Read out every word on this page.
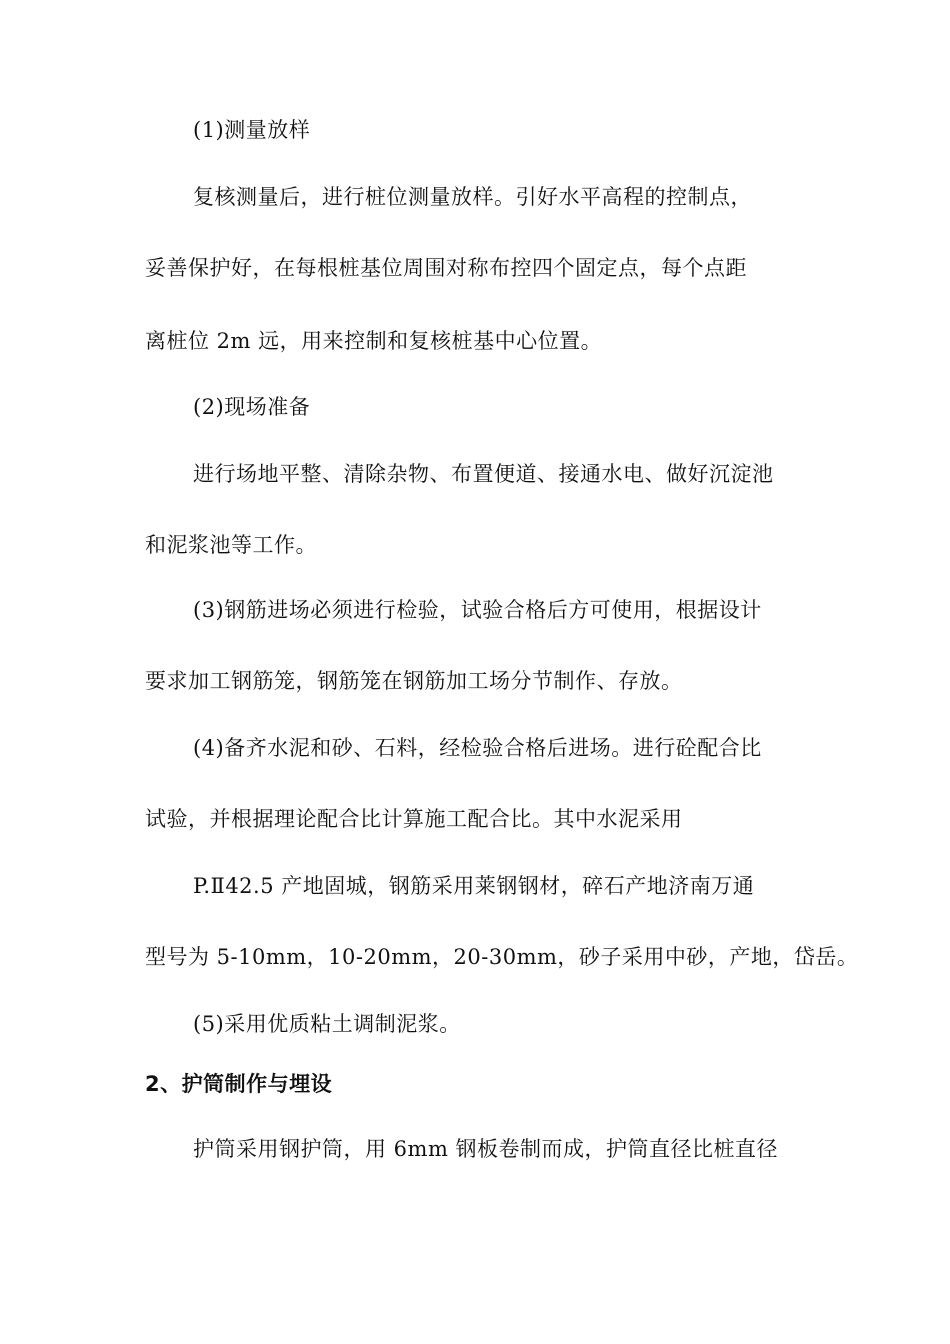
(1)测量放样
复核测量后，进行桩位测量放样。引好水平高程的控制点，
妥善保护好，在每根桩基位周围对称布控四个固定点，每个点距
离桩位 2m 远，用来控制和复核桩基中心位置。
(2)现场准备
进行场地平整、清除杂物、布置便道、接通水电、做好沉淀池
和泥浆池等工作。
(3)钢筋进场必须进行检验，试验合格后方可使用，根据设计
要求加工钢筋笼，钢筋笼在钢筋加工场分节制作、存放。
(4)备齐水泥和砂、石料，经检验合格后进场。进行砼配合比
试验，并根据理论配合比计算施工配合比。其中水泥采用
P.Ⅱ42.5 产地固城，钢筋采用莱钢钢材，碎石产地济南万通
型号为 5-10mm，10-20mm，20-30mm，砂子采用中砂，产地，岱岳。
(5)采用优质粘土调制泥浆。
2、护筒制作与埋设
护筒采用钢护筒，用 6mm 钢板卷制而成，护筒直径比桩直径
